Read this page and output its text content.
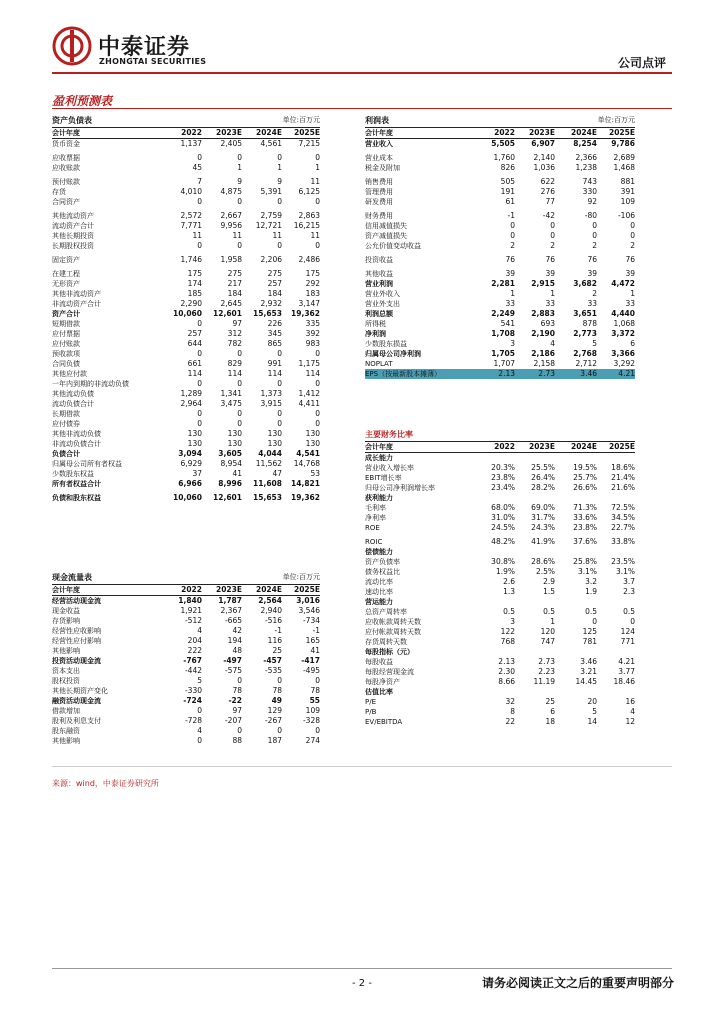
中泰证券
ZHONGTAI SECURITIES	公司点评
盈利预测表
资产负债表	单位:百万元
会计年度	2022	2023E	2024E	2025E
货币资金	1,137	2,405	4,561	7,215
应收票据	0	0	0	0
应收账款	45	1	1	1
预付账款	7	9	9	11
存货	4,010	4,875	5,391	6,125
合同资产	0	0	0	0
其他流动资产	2,572	2,667	2,759	2,863
流动资产合计	7,771	9,956	12,721	16,215
其他长期投资	11	11	11	11
长期股权投资	0	0	0	0
固定资产	1,746	1,958	2,206	2,486
在建工程	175	275	275	175
无形资产	174	217	257	292
其他非流动资产	185	184	184	183
非流动资产合计	2,290	2,645	2,932	3,147
资产合计	10,060	12,601	15,653	19,362
短期借款	0	97	226	335
应付票据	257	312	345	392
应付账款	644	782	865	983
预收款项	0	0	0	0
合同负债	661	829	991	1,175
其他应付款	114	114	114	114
一年内到期的非流动负债	0	0	0	0
其他流动负债	1,289	1,341	1,373	1,412
流动负债合计	2,964	3,475	3,915	4,411
长期借款	0	0	0	0
应付债券	0	0	0	0
其他非流动负债	130	130	130	130
非流动负债合计	130	130	130	130
负债合计	3,094	3,605	4,044	4,541
归属母公司所有者权益	6,929	8,954	11,562	14,768
少数股东权益	37	41	47	53
所有者权益合计	6,966	8,996	11,608	14,821
负债和股东权益	10,060	12,601	15,653	19,362
利润表	单位:百万元
会计年度	2022	2023E	2024E	2025E
营业收入	5,505	6,907	8,254	9,786
营业成本	1,760	2,140	2,366	2,689
税金及附加	826	1,036	1,238	1,468
销售费用	505	622	743	881
管理费用	191	276	330	391
研发费用	61	77	92	109
财务费用	-1	-42	-80	-106
信用减值损失	0	0	0	0
资产减值损失	0	0	0	0
公允价值变动收益	2	2	2	2
投资收益	76	76	76	76
其他收益	39	39	39	39
营业利润	2,281	2,915	3,682	4,472
营业外收入	1	1	2	1
营业外支出	33	33	33	33
利润总额	2,249	2,883	3,651	4,440
所得税	541	693	878	1,068
净利润	1,708	2,190	2,773	3,372
少数股东损益	3	4	5	6
归属母公司净利润	1,705	2,186	2,768	3,366
NOPLAT	1,707	2,158	2,712	3,292
EPS（按最新股本摊薄）	2.13	2.73	3.46	4.21
主要财务比率
会计年度	2022	2023E	2024E	2025E
成长能力
营业收入增长率	20.3%	25.5%	19.5%	18.6%
EBIT增长率	23.8%	26.4%	25.7%	21.4%
归母公司净利润增长率	23.4%	28.2%	26.6%	21.6%
获利能力
毛利率	68.0%	69.0%	71.3%	72.5%
净利率	31.0%	31.7%	33.6%	34.5%
ROE	24.5%	24.3%	23.8%	22.7%
ROIC	48.2%	41.9%	37.6%	33.8%
偿债能力
资产负债率	30.8%	28.6%	25.8%	23.5%
债务权益比	1.9%	2.5%	3.1%	3.1%
流动比率	2.6	2.9	3.2	3.7
速动比率	1.3	1.5	1.9	2.3
营运能力
总资产周转率	0.5	0.5	0.5	0.5
应收帐款周转天数	3	1	0	0
应付帐款周转天数	122	120	125	124
存货周转天数	768	747	781	771
每股指标（元）
每股收益	2.13	2.73	3.46	4.21
每股经营现金流	2.30	2.23	3.21	3.77
每股净资产	8.66	11.19	14.45	18.46
估值比率
P/E	32	25	20	16
P/B	8	6	5	4
EV/EBITDA	22	18	14	12
现金流量表	单位:百万元
会计年度	2022	2023E	2024E	2025E
经营活动现金流	1,840	1,787	2,564	3,016
现金收益	1,921	2,367	2,940	3,546
存货影响	-512	-665	-516	-734
经营性应收影响	4	42	-1	-1
经营性应付影响	204	194	116	165
其他影响	222	48	25	41
投资活动现金流	-767	-497	-457	-417
资本支出	-442	-575	-535	-495
股权投资	5	0	0	0
其他长期资产变化	-330	78	78	78
融资活动现金流	-724	-22	49	55
借款增加	0	97	129	109
股利及利息支付	-728	-207	-267	-328
股东融资	4	0	0	0
其他影响	0	88	187	274
来源：wind，中泰证券研究所
- 2 -	请务必阅读正文之后的重要声明部分
